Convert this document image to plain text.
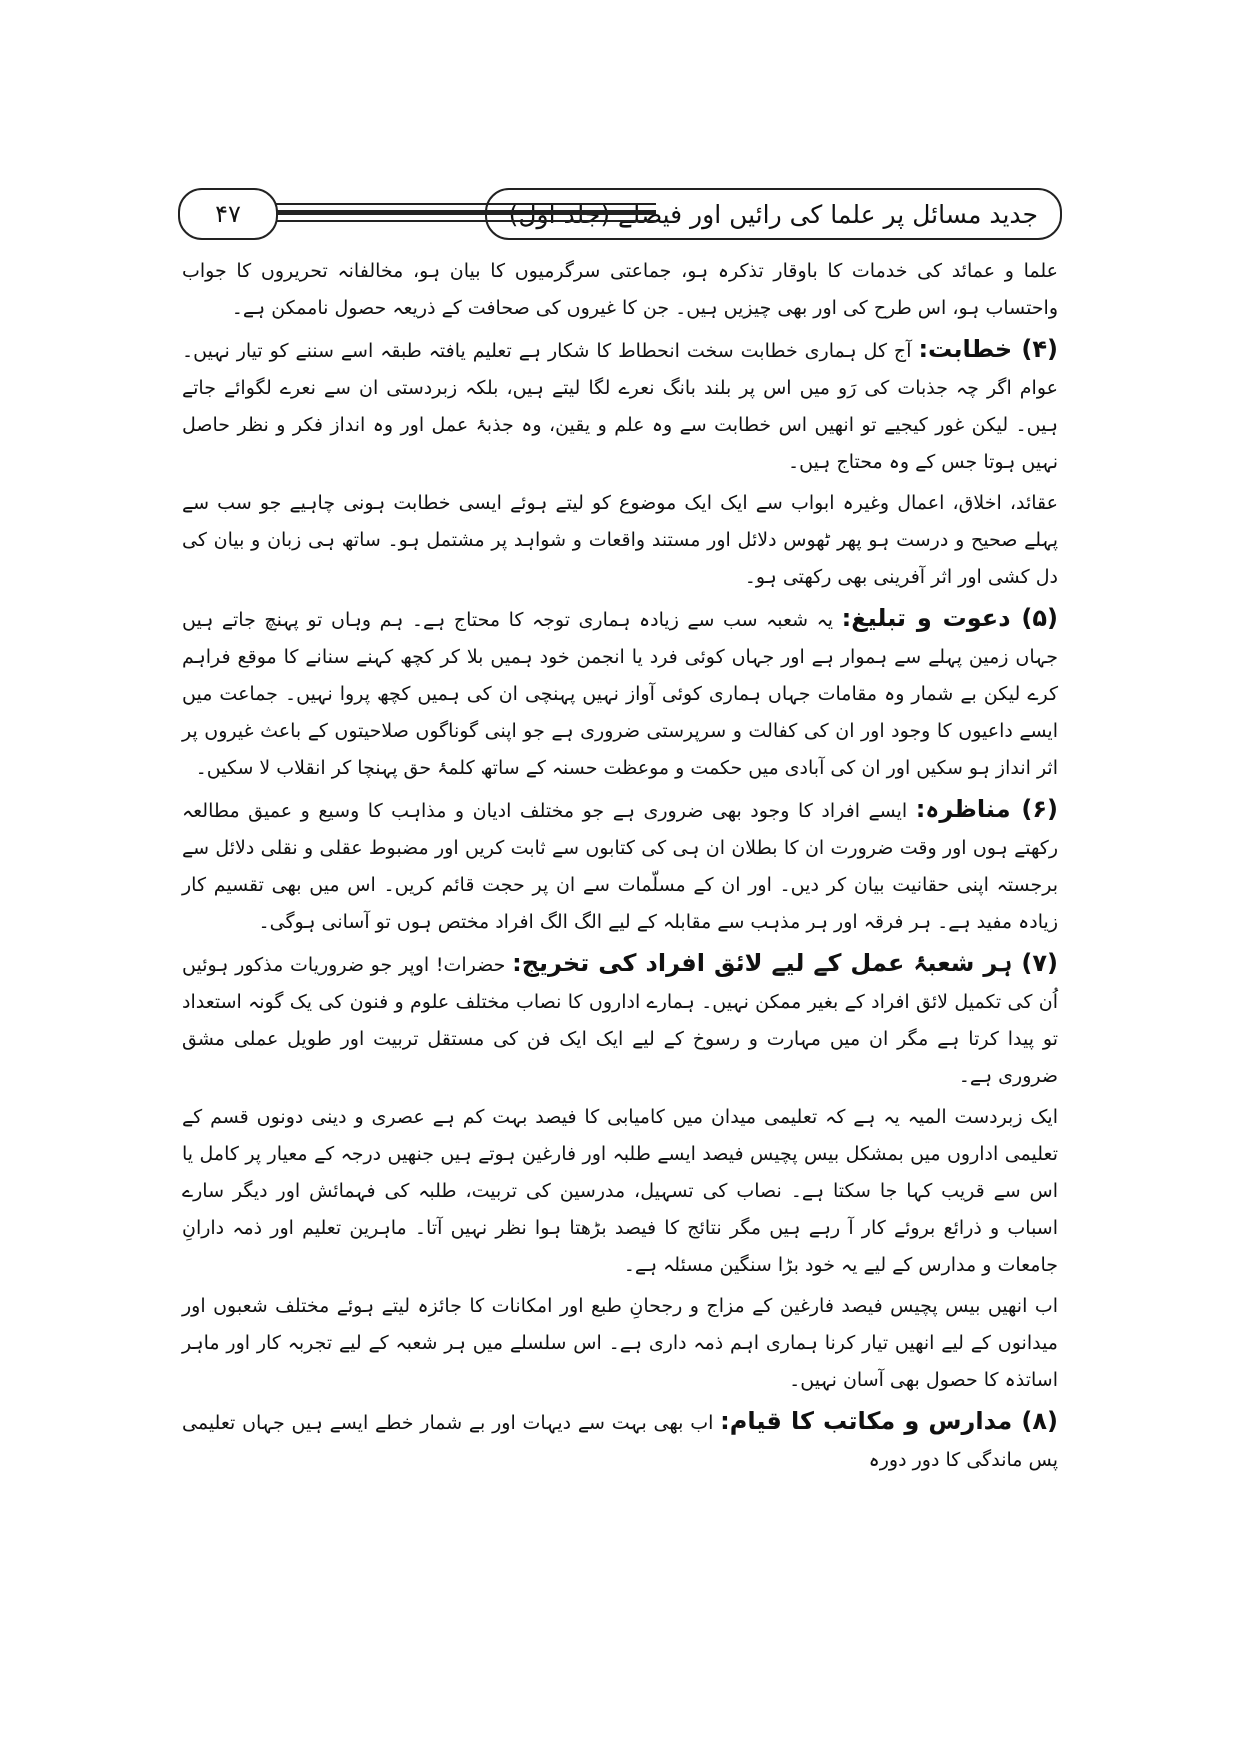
جدید مسائل پر علما کی رائیں اور فیصلے (جلد اول)
۴۷

علما و عمائد کی خدمات کا باوقار تذکرہ ہو، جماعتی سرگرمیوں کا بیان ہو، مخالفانہ تحریروں کا جواب واحتساب ہو، اس طرح کی اور بھی چیزیں ہیں۔ جن کا غیروں کی صحافت کے ذریعہ حصول ناممکن ہے۔

(۴) خطابت: آج کل ہماری خطابت سخت انحطاط کا شکار ہے تعلیم یافتہ طبقہ اسے سننے کو تیار نہیں۔ عوام اگر چہ جذبات کی رَو میں اس پر بلند بانگ نعرے لگا لیتے ہیں، بلکہ زبردستی ان سے نعرے لگوائے جاتے ہیں۔ لیکن غور کیجیے تو انھیں اس خطابت سے وہ علم و یقین، وہ جذبۂ عمل اور وہ انداز فکر و نظر حاصل نہیں ہوتا جس کے وہ محتاج ہیں۔

عقائد، اخلاق، اعمال وغیرہ ابواب سے ایک ایک موضوع کو لیتے ہوئے ایسی خطابت ہونی چاہیے جو سب سے پہلے صحیح و درست ہو پھر ٹھوس دلائل اور مستند واقعات و شواہد پر مشتمل ہو۔ ساتھ ہی زبان و بیان کی دل کشی اور اثر آفرینی بھی رکھتی ہو۔

(۵) دعوت و تبلیغ: یہ شعبہ سب سے زیادہ ہماری توجہ کا محتاج ہے۔ ہم وہاں تو پہنچ جاتے ہیں جہاں زمین پہلے سے ہموار ہے اور جہاں کوئی فرد یا انجمن خود ہمیں بلا کر کچھ کہنے سنانے کا موقع فراہم کرے لیکن بے شمار وہ مقامات جہاں ہماری کوئی آواز نہیں پہنچی ان کی ہمیں کچھ پروا نہیں۔ جماعت میں ایسے داعیوں کا وجود اور ان کی کفالت و سرپرستی ضروری ہے جو اپنی گوناگوں صلاحیتوں کے باعث غیروں پر اثر انداز ہو سکیں اور ان کی آبادی میں حکمت و موعظت حسنہ کے ساتھ کلمۂ حق پہنچا کر انقلاب لا سکیں۔

(۶) مناظرہ: ایسے افراد کا وجود بھی ضروری ہے جو مختلف ادیان و مذاہب کا وسیع و عمیق مطالعہ رکھتے ہوں اور وقت ضرورت ان کا بطلان ان ہی کی کتابوں سے ثابت کریں اور مضبوط عقلی و نقلی دلائل سے برجستہ اپنی حقانیت بیان کر دیں۔ اور ان کے مسلّمات سے ان پر حجت قائم کریں۔ اس میں بھی تقسیم کار زیادہ مفید ہے۔ ہر فرقہ اور ہر مذہب سے مقابلہ کے لیے الگ الگ افراد مختص ہوں تو آسانی ہوگی۔

(۷) ہر شعبۂ عمل کے لیے لائق افراد کی تخریج: حضرات! اوپر جو ضروریات مذکور ہوئیں اُن کی تکمیل لائق افراد کے بغیر ممکن نہیں۔ ہمارے اداروں کا نصاب مختلف علوم و فنون کی یک گونہ استعداد تو پیدا کرتا ہے مگر ان میں مہارت و رسوخ کے لیے ایک ایک فن کی مستقل تربیت اور طویل عملی مشق ضروری ہے۔

ایک زبردست المیہ یہ ہے کہ تعلیمی میدان میں کامیابی کا فیصد بہت کم ہے عصری و دینی دونوں قسم کے تعلیمی اداروں میں بمشکل بیس پچیس فیصد ایسے طلبہ اور فارغین ہوتے ہیں جنھیں درجہ کے معیار پر کامل یا اس سے قریب کہا جا سکتا ہے۔ نصاب کی تسہیل، مدرسین کی تربیت، طلبہ کی فہمائش اور دیگر سارے اسباب و ذرائع بروئے کار آ رہے ہیں مگر نتائج کا فیصد بڑھتا ہوا نظر نہیں آتا۔ ماہرین تعلیم اور ذمہ دارانِ جامعات و مدارس کے لیے یہ خود بڑا سنگین مسئلہ ہے۔

اب انھیں بیس پچیس فیصد فارغین کے مزاج و رجحانِ طبع اور امکانات کا جائزہ لیتے ہوئے مختلف شعبوں اور میدانوں کے لیے انھیں تیار کرنا ہماری اہم ذمہ داری ہے۔ اس سلسلے میں ہر شعبہ کے لیے تجربہ کار اور ماہر اساتذہ کا حصول بھی آسان نہیں۔

(۸) مدارس و مکاتب کا قیام: اب بھی بہت سے دیہات اور بے شمار خطے ایسے ہیں جہاں تعلیمی پس ماندگی کا دور دورہ
